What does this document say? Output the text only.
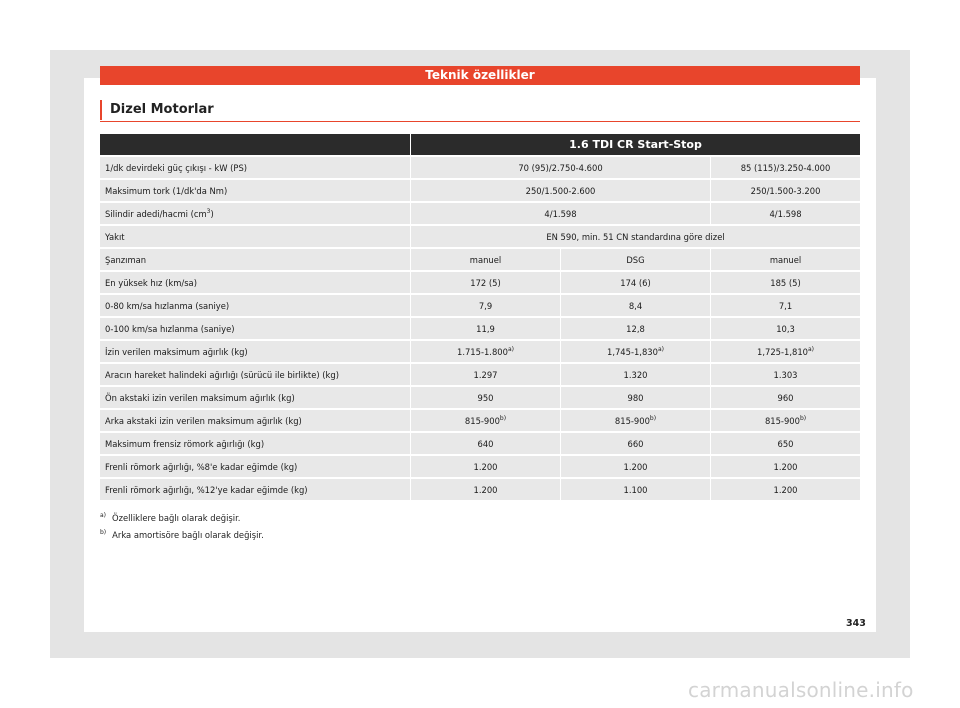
Teknik özellikler
Dizel Motorlar
	1.6 TDI CR Start-Stop		
1/dk devirdeki güç çıkışı - kW (PS)	70 (95)/2.750-4.600		85 (115)/3.250-4.000
Maksimum tork (1/dk'da Nm)	250/1.500-2.600		250/1.500-3.200
Silindir adedi/hacmi $(cm^3)$	4/1.598		4/1.598
Yakıt	EN 590, min. 51 CN standardına göre dizel		
Şanzıman	manuel	DSG	manuel
En yüksek hız (km/sa)	172 (5)	174 (6)	185 (5)
0-80 km/sa hızlanma (saniye)	7,9	8,4	7,1
0-100 km/sa hızlanma (saniye)	11,9	12,8	10,3
İzin verilen maksimum ağırlık (kg)	1.715-1.800$^{a)}$	1,745-1,830$^{a)}$	1,725-1,810$^{a)}$
Aracın hareket halindeki ağırlığı (sürücü ile birlikte) (kg)	1.297	1.320	1.303
Ön akstaki izin verilen maksimum ağırlık (kg)	950	980	960
Arka akstaki izin verilen maksimum ağırlık (kg)	815-900$^{b)}$	815-900$^{b)}$	815-900$^{b)}$
Maksimum frensiz römork ağırlığı (kg)	640	660	650
Frenli römork ağırlığı, %8'e kadar eğimde (kg)	1.200	1.200	1.200
Frenli römork ağırlığı, %12'ye kadar eğimde (kg)	1.200	1.100	1.200
$^{a)}$ Özelliklere bağlı olarak değişir.
$^{b)}$ Arka amortisöre bağlı olarak değişir.
343
carmanualsonline.info
